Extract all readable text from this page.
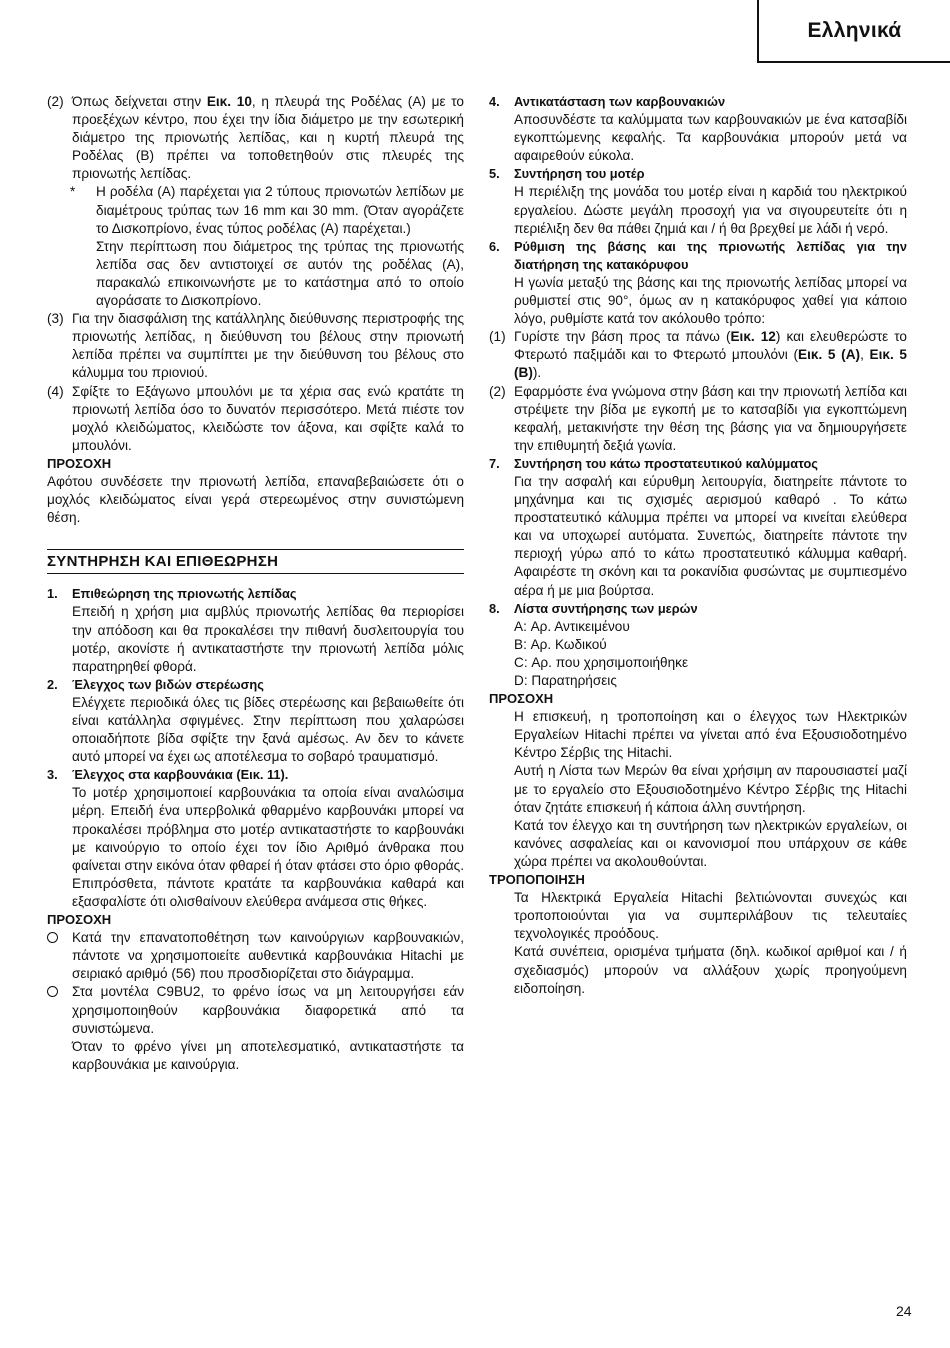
Ελληνικά

(2) Όπως δείχνεται στην Εικ. 10, η πλευρά της Ροδέλας (Α) με το προεξέχων κέντρο, που έχει την ίδια διάμετρο με την εσωτερική διάμετρο της πριονωτής λεπίδας, και η κυρτή πλευρά της Ροδέλας (Β) πρέπει να τοποθετηθούν στις πλευρές της πριονωτής λεπίδας.

* Η ροδέλα (Α) παρέχεται για 2 τύπους πριονωτών λεπίδων με διαμέτρους τρύπας των 16 mm και 30 mm. (Όταν αγοράζετε το Δισκοπρίονο, ένας τύπος ροδέλας (Α) παρέχεται.)

Στην περίπτωση που διάμετρος της τρύπας της πριονωτής λεπίδα σας δεν αντιστοιχεί σε αυτόν της ροδέλας (Α), παρακαλώ επικοινωνήστε με το κατάστημα από το οποίο αγοράσατε το Δισκοπρίονο.

(3) Για την διασφάλιση της κατάλληλης διεύθυνσης περιστροφής της πριονωτής λεπίδας, η διεύθυνση του βέλους στην πριονωτή λεπίδα πρέπει να συμπίπτει με την διεύθυνση του βέλους στο κάλυμμα του πριονιού.

(4) Σφίξτε το Εξάγωνο μπουλόνι με τα χέρια σας ενώ κρατάτε τη πριονωτή λεπίδα όσο το δυνατόν περισσότερο. Μετά πιέστε τον μοχλό κλειδώματος, κλειδώστε τον άξονα, και σφίξτε καλά το μπουλόνι.

ΠΡΟΣΟΧΗ

Αφότου συνδέσετε την πριονωτή λεπίδα, επαναβεβαιώσετε ότι ο μοχλός κλειδώματος είναι γερά στερεωμένος στην συνιστώμενη θέση.

ΣΥΝΤΗΡΗΣΗ ΚΑΙ ΕΠΙΘΕΩΡΗΣΗ

1. Επιθεώρηση της πριονωτής λεπίδας

Επειδή η χρήση μια αμβλύς πριονωτής λεπίδας θα περιορίσει την απόδοση και θα προκαλέσει την πιθανή δυσλειτουργία του μοτέρ, ακονίστε ή αντικαταστήστε την πριονωτή λεπίδα μόλις παρατηρηθεί φθορά.

2. Έλεγχος των βιδών στερέωσης

Ελέγχετε περιοδικά όλες τις βίδες στερέωσης και βεβαιωθείτε ότι είναι κατάλληλα σφιγμένες. Στην περίπτωση που χαλαρώσει οποιαδήποτε βίδα σφίξτε την ξανά αμέσως. Αν δεν το κάνετε αυτό μπορεί να έχει ως αποτέλεσμα το σοβαρό τραυματισμό.

3. Έλεγχος στα καρβουνάκια (Εικ. 11).

Το μοτέρ χρησιμοποιεί καρβουνάκια τα οποία είναι αναλώσιμα μέρη. Επειδή ένα υπερβολικά φθαρμένο καρβουνάκι μπορεί να προκαλέσει πρόβλημα στο μοτέρ αντικαταστήστε το καρβουνάκι με καινούργιο το οποίο έχει τον ίδιο Αριθμό άνθρακα που φαίνεται στην εικόνα όταν φθαρεί ή όταν φτάσει στο όριο φθοράς. Επιπρόσθετα, πάντοτε κρατάτε τα καρβουνάκια καθαρά και εξασφαλίστε ότι ολισθαίνουν ελεύθερα ανάμεσα στις θήκες.

ΠΡΟΣΟΧΗ

Κατά την επανατοποθέτηση των καινούργιων καρβουνακιών, πάντοτε να χρησιμοποιείτε αυθεντικά καρβουνάκια Hitachi με σειριακό αριθμό (56) που προσδιορίζεται στο διάγραμμα.

Στα μοντέλα C9BU2, το φρένο ίσως να μη λειτουργήσει εάν χρησιμοποιηθούν καρβουνάκια διαφορετικά από τα συνιστώμενα.

Όταν το φρένο γίνει μη αποτελεσματικό, αντικαταστήστε τα καρβουνάκια με καινούργια.

4. Αντικατάσταση των καρβουνακιών

Αποσυνδέστε τα καλύμματα των καρβουνακιών με ένα κατσαβίδι εγκοπτώμενης κεφαλής. Τα καρβουνάκια μπορούν μετά να αφαιρεθούν εύκολα.

5. Συντήρηση του μοτέρ

Η περιέλιξη της μονάδα του μοτέρ είναι η καρδιά του ηλεκτρικού εργαλείου. Δώστε μεγάλη προσοχή για να σιγουρευτείτε ότι η περιέλιξη δεν θα πάθει ζημιά και / ή θα βρεχθεί με λάδι ή νερό.

6. Ρύθμιση της βάσης και της πριονωτής λεπίδας για την διατήρηση της κατακόρυφου

Η γωνία μεταξύ της βάσης και της πριονωτής λεπίδας μπορεί να ρυθμιστεί στις 90°, όμως αν η κατακόρυφος χαθεί για κάποιο λόγο, ρυθμίστε κατά τον ακόλουθο τρόπο:

(1) Γυρίστε την βάση προς τα πάνω (Εικ. 12) και ελευθερώστε το Φτερωτό παξιμάδι και το Φτερωτό μπουλόνι (Εικ. 5 (A), Εικ. 5 (B)).

(2) Εφαρμόστε ένα γνώμονα στην βάση και την πριονωτή λεπίδα και στρέψετε την βίδα με εγκοπή με το κατσαβίδι για εγκοπτώμενη κεφαλή, μετακινήστε την θέση της βάσης για να δημιουργήσετε την επιθυμητή δεξιά γωνία.

7. Συντήρηση του κάτω προστατευτικού καλύμματος

Για την ασφαλή και εύρυθμη λειτουργία, διατηρείτε πάντοτε το μηχάνημα και τις σχισμές αερισμού καθαρό . Το κάτω προστατευτικό κάλυμμα πρέπει να μπορεί να κινείται ελεύθερα και να υποχωρεί αυτόματα. Συνεπώς, διατηρείτε πάντοτε την περιοχή γύρω από το κάτω προστατευτικό κάλυμμα καθαρή. Αφαιρέστε τη σκόνη και τα ροκανίδια φυσώντας με συμπιεσμένο αέρα ή με μια βούρτσα.

8. Λίστα συντήρησης των μερών

A: Αρ. Αντικειμένου

B: Αρ. Κωδικού

C: Αρ. που χρησιμοποιήθηκε

D: Παρατηρήσεις

ΠΡΟΣΟΧΗ

Η επισκευή, η τροποποίηση και ο έλεγχος των Ηλεκτρικών Εργαλείων Hitachi πρέπει να γίνεται από ένα Εξουσιοδοτημένο Κέντρο Σέρβις της Hitachi.

Αυτή η Λίστα των Μερών θα είναι χρήσιμη αν παρουσιαστεί μαζί με το εργαλείο στο Εξουσιοδοτημένο Κέντρο Σέρβις της Hitachi όταν ζητάτε επισκευή ή κάποια άλλη συντήρηση.

Κατά τον έλεγχο και τη συντήρηση των ηλεκτρικών εργαλείων, οι κανόνες ασφαλείας και οι κανονισμοί που υπάρχουν σε κάθε χώρα πρέπει να ακολουθούνται.

ΤΡΟΠΟΠΟΙΗΣΗ

Τα Ηλεκτρικά Εργαλεία Hitachi βελτιώνονται συνεχώς και τροποποιούνται για να συμπεριλάβουν τις τελευταίες τεχνολογικές προόδους.

Κατά συνέπεια, ορισμένα τμήματα (δηλ. κωδικοί αριθμοί και / ή σχεδιασμός) μπορούν να αλλάξουν χωρίς προηγούμενη ειδοποίηση.

24
